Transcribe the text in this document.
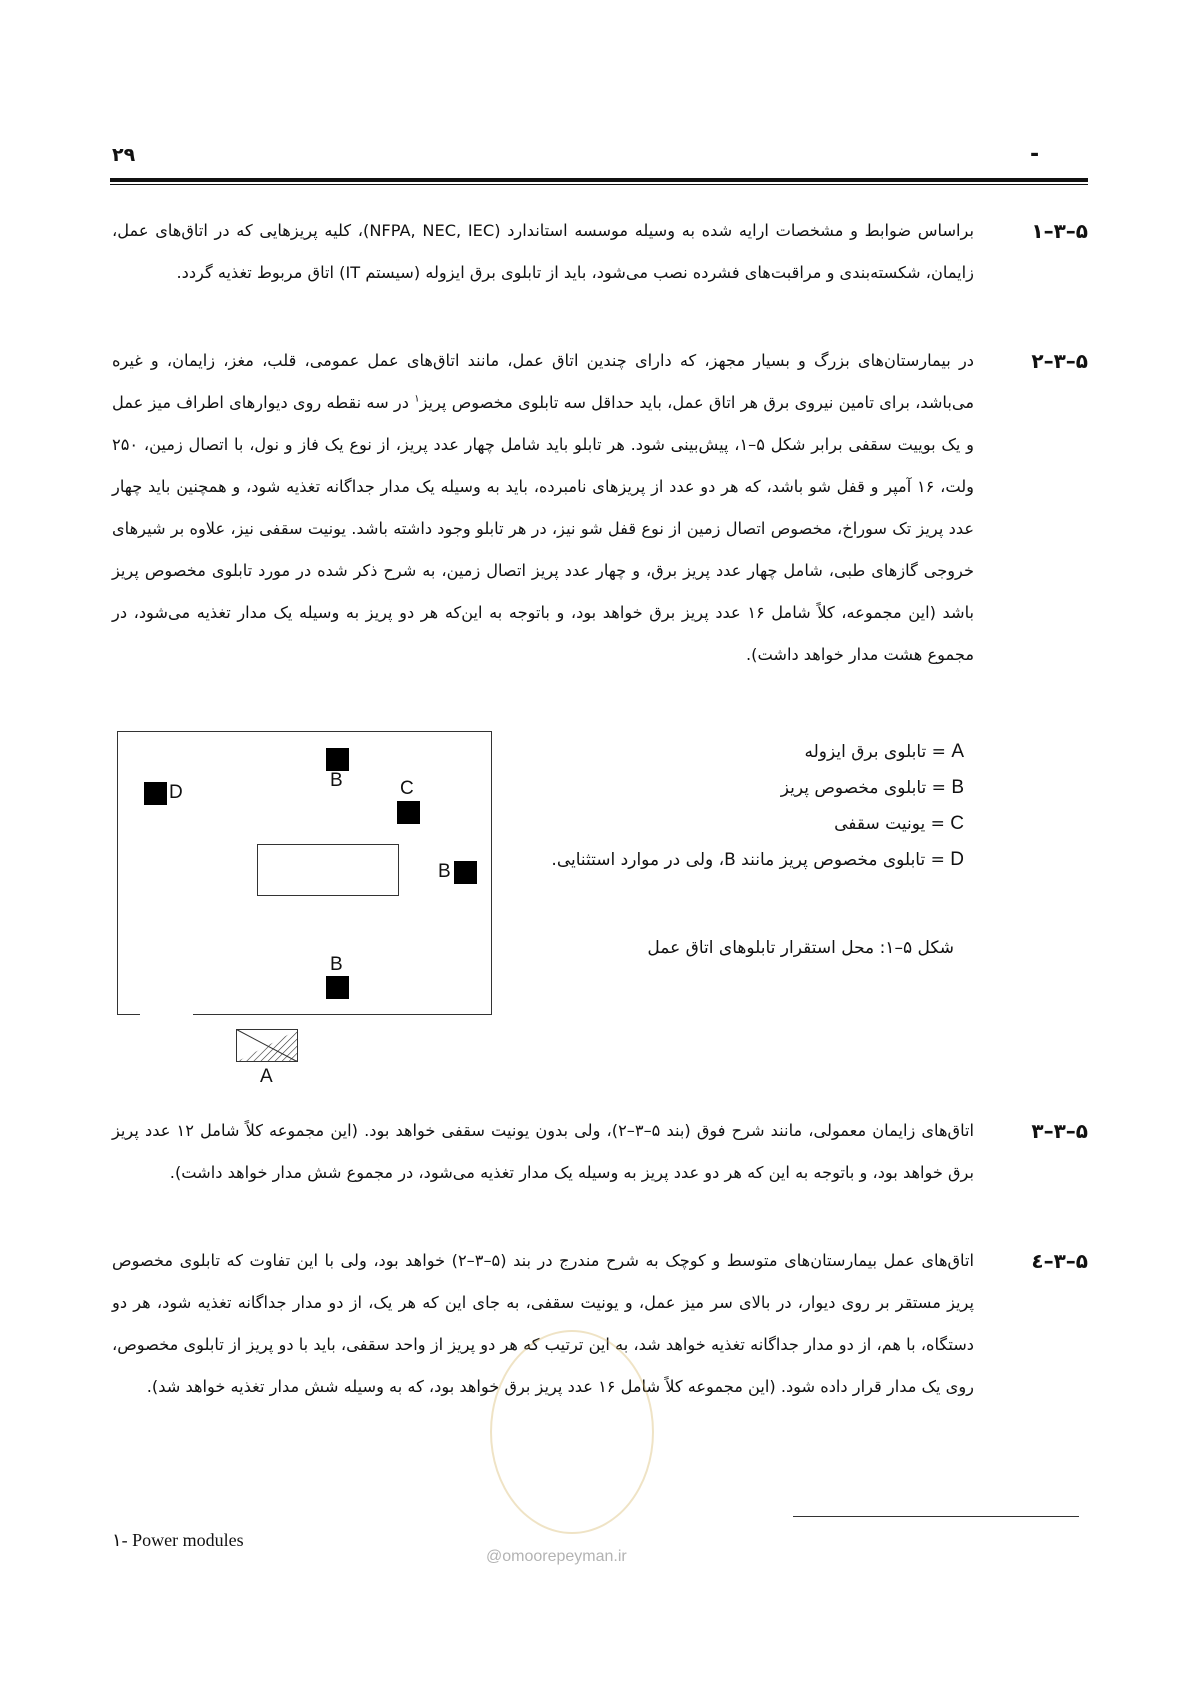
۲۹	-
۵–۳–۱

براساس ضوابط و مشخصات ارایه شده به وسیله موسسه استاندارد (NFPA, NEC, IEC)، کلیه پریزهایی که در اتاق‌های عمل، زایمان، شکسته‌بندی و مراقبت‌های فشرده نصب می‌شود، باید از تابلوی برق ایزوله (سیستم IT) اتاق مربوط تغذیه گردد.

۵–۳–۲

در بیمارستان‌های بزرگ و بسیار مجهز، که دارای چندین اتاق عمل، مانند اتاق‌های عمل عمومی، قلب، مغز، زایمان، و غیره می‌باشد، برای تامین نیروی برق هر اتاق عمل، باید حداقل سه تابلوی مخصوص پریز$^۱$ در سه نقطه روی دیوارهای اطراف میز عمل و یک بوییت سقفی برابر شکل ۵–۱، پیش‌بینی شود. هر تابلو باید شامل چهار عدد پریز، از نوع یک فاز و نول، با اتصال زمین، ۲۵۰ ولت، ۱۶ آمپر و قفل شو باشد، که هر دو عدد از پریزهای نامبرده، باید به وسیله یک مدار جداگانه تغذیه شود، و همچنین باید چهار عدد پریز تک سوراخ، مخصوص اتصال زمین از نوع قفل شو نیز، در هر تابلو وجود داشته باشد. یونیت سقفی نیز، علاوه بر شیرهای خروجی گازهای طبی، شامل چهار عدد پریز برق، و چهار عدد پریز اتصال زمین، به شرح ذکر شده در مورد تابلوی مخصوص پریز باشد (این مجموعه، کلاً شامل ۱۶ عدد پریز برق خواهد بود، و باتوجه به این‌که هر دو پریز به وسیله یک مدار تغذیه می‌شود، در مجموع هشت مدار خواهد داشت).

B
D	C
B
B
A
A = تابلوی برق ایزوله
B = تابلوی مخصوص پریز
C = یونیت سقفی
D = تابلوی مخصوص پریز مانند B، ولی در موارد استثنایی.
شکل ۵–۱: محل استقرار تابلوهای اتاق عمل
۵–۳–۳

اتاق‌های زایمان معمولی، مانند شرح فوق (بند ۵–۳–۲)، ولی بدون یونیت سقفی خواهد بود. (این مجموعه کلاً شامل ۱۲ عدد پریز برق خواهد بود، و باتوجه به این که هر دو عدد پریز به وسیله یک مدار تغذیه می‌شود، در مجموع شش مدار خواهد داشت).

۵–۳–٤

اتاق‌های عمل بیمارستان‌های متوسط و کوچک به شرح مندرج در بند (۵–۳–۲) خواهد بود، ولی با این تفاوت که تابلوی مخصوص پریز مستقر بر روی دیوار، در بالای سر میز عمل، و یونیت سقفی، به جای این که هر یک، از دو مدار جداگانه تغذیه شود، هر دو دستگاه، با هم، از دو مدار جداگانه تغذیه خواهد شد، به این ترتیب که هر دو پریز از واحد سقفی، باید با دو پریز از تابلوی مخصوص، روی یک مدار قرار داده شود. (این مجموعه کلاً شامل ۱۶ عدد پریز برق خواهد بود، که به وسیله شش مدار تغذیه خواهد شد).

@omoorepeyman.ir
۱- Power modules
